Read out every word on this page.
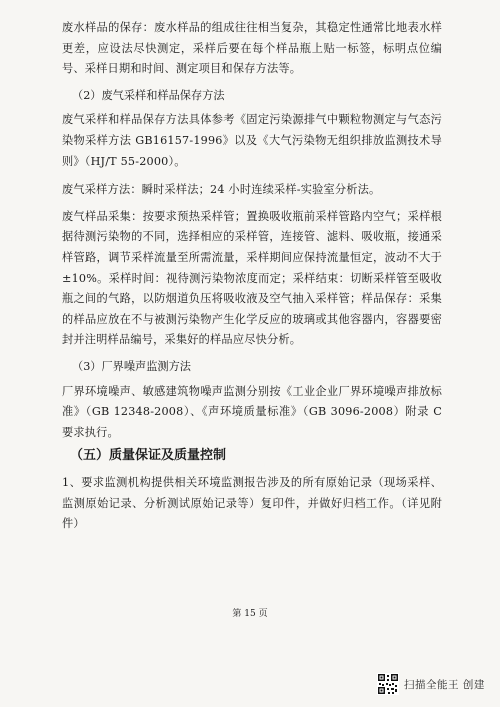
废水样品的保存：废水样品的组成往往相当复杂，其稳定性通常比地表水样更差，应设法尽快测定，采样后要在每个样品瓶上贴一标签，标明点位编号、采样日期和时间、测定项目和保存方法等。

（2）废气采样和样品保存方法

废气采样和样品保存方法具体参考《固定污染源排气中颗粒物测定与气态污染物采样方法 GB16157-1996》以及《大气污染物无组织排放监测技术导则》（HJ/T 55-2000）。

废气采样方法：瞬时采样法；24 小时连续采样-实验室分析法。

废气样品采集：按要求预热采样管；置换吸收瓶前采样管路内空气；采样根据待测污染物的不同，选择相应的采样管，连接管、滤料、吸收瓶，接通采样管路，调节采样流量至所需流量，采样期间应保持流量恒定，波动不大于±10%。采样时间：视待测污染物浓度而定；采样结束：切断采样管至吸收瓶之间的气路，以防烟道负压将吸收液及空气抽入采样管；样品保存：采集的样品应放在不与被测污染物产生化学反应的玻璃或其他容器内，容器要密封并注明样品编号，采集好的样品应尽快分析。

（3）厂界噪声监测方法

厂界环境噪声、敏感建筑物噪声监测分别按《工业企业厂界环境噪声排放标准》（GB 12348-2008）、《声环境质量标准》（GB 3096-2008）附录 C 要求执行。

（五）质量保证及质量控制

1、要求监测机构提供相关环境监测报告涉及的所有原始记录（现场采样、监测原始记录、分析测试原始记录等）复印件，并做好归档工作。（详见附件）

第 15 页
扫描全能王 创建
